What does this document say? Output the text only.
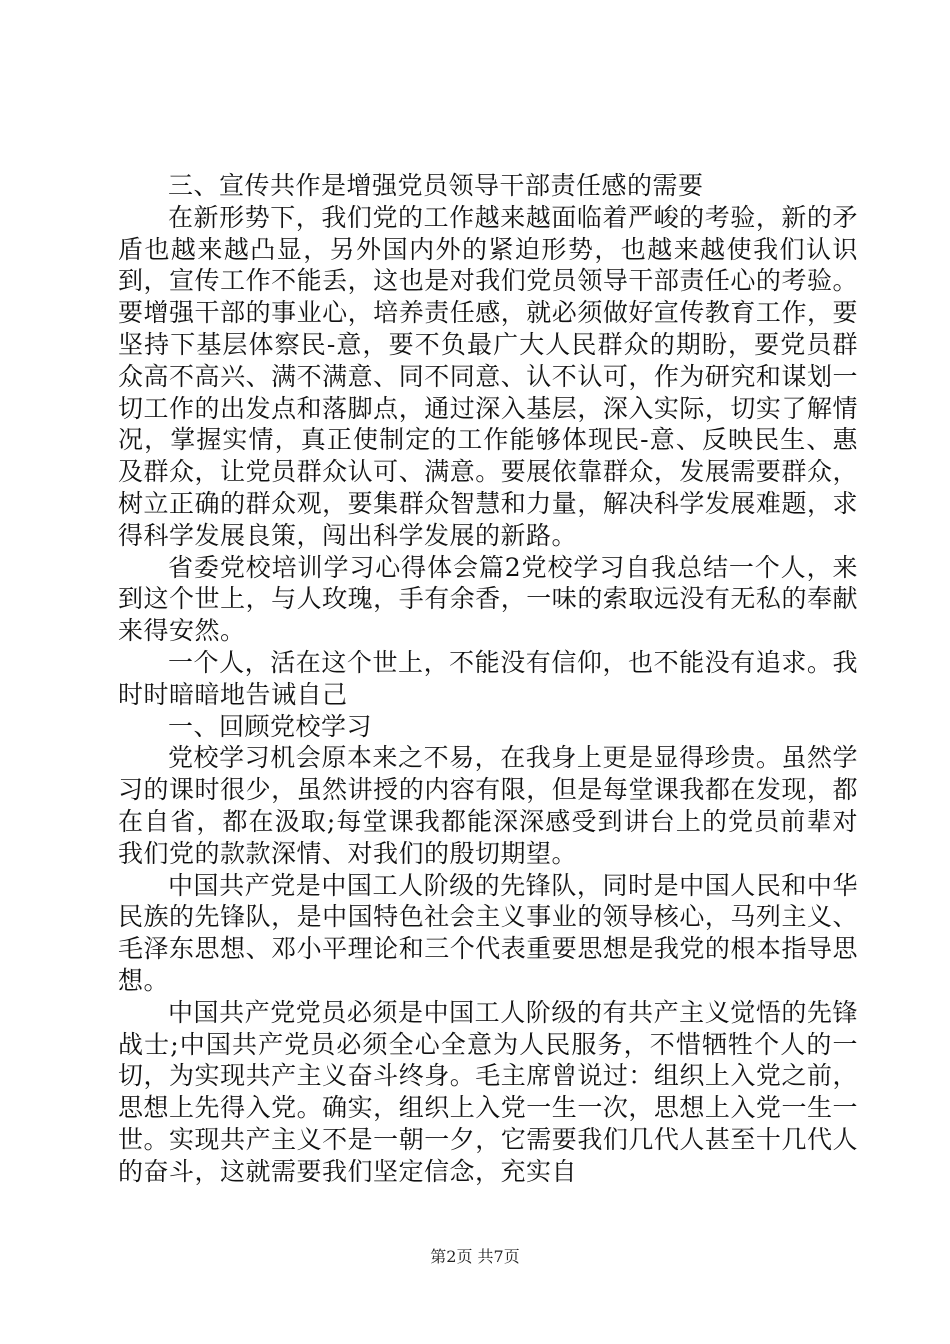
三、宣传共作是增强党员领导干部责任感的需要

在新形势下，我们党的工作越来越面临着严峻的考验，新的矛盾也越来越凸显，另外国内外的紧迫形势，也越来越使我们认识到，宣传工作不能丢，这也是对我们党员领导干部责任心的考验。要增强干部的事业心，培养责任感，就必须做好宣传教育工作，要坚持下基层体察民-意，要不负最广大人民群众的期盼，要党员群众高不高兴、满不满意、同不同意、认不认可，作为研究和谋划一切工作的出发点和落脚点，通过深入基层，深入实际，切实了解情况，掌握实情，真正使制定的工作能够体现民-意、反映民生、惠及群众，让党员群众认可、满意。要展依靠群众，发展需要群众，树立正确的群众观，要集群众智慧和力量，解决科学发展难题，求得科学发展良策，闯出科学发展的新路。

省委党校培训学习心得体会篇2党校学习自我总结一个人，来到这个世上，与人玫瑰，手有余香，一味的索取远没有无私的奉献来得安然。

一个人，活在这个世上，不能没有信仰，也不能没有追求。我时时暗暗地告诫自己

一、回顾党校学习

党校学习机会原本来之不易，在我身上更是显得珍贵。虽然学习的课时很少，虽然讲授的内容有限，但是每堂课我都在发现，都在自省，都在汲取;每堂课我都能深深感受到讲台上的党员前辈对我们党的款款深情、对我们的殷切期望。

中国共产党是中国工人阶级的先锋队，同时是中国人民和中华民族的先锋队，是中国特色社会主义事业的领导核心，马列主义、毛泽东思想、邓小平理论和三个代表重要思想是我党的根本指导思想。

中国共产党党员必须是中国工人阶级的有共产主义觉悟的先锋战士;中国共产党员必须全心全意为人民服务，不惜牺牲个人的一切，为实现共产主义奋斗终身。毛主席曾说过：组织上入党之前，思想上先得入党。确实，组织上入党一生一次，思想上入党一生一世。实现共产主义不是一朝一夕，它需要我们几代人甚至十几代人的奋斗，这就需要我们坚定信念，充实自

第2页 共7页
